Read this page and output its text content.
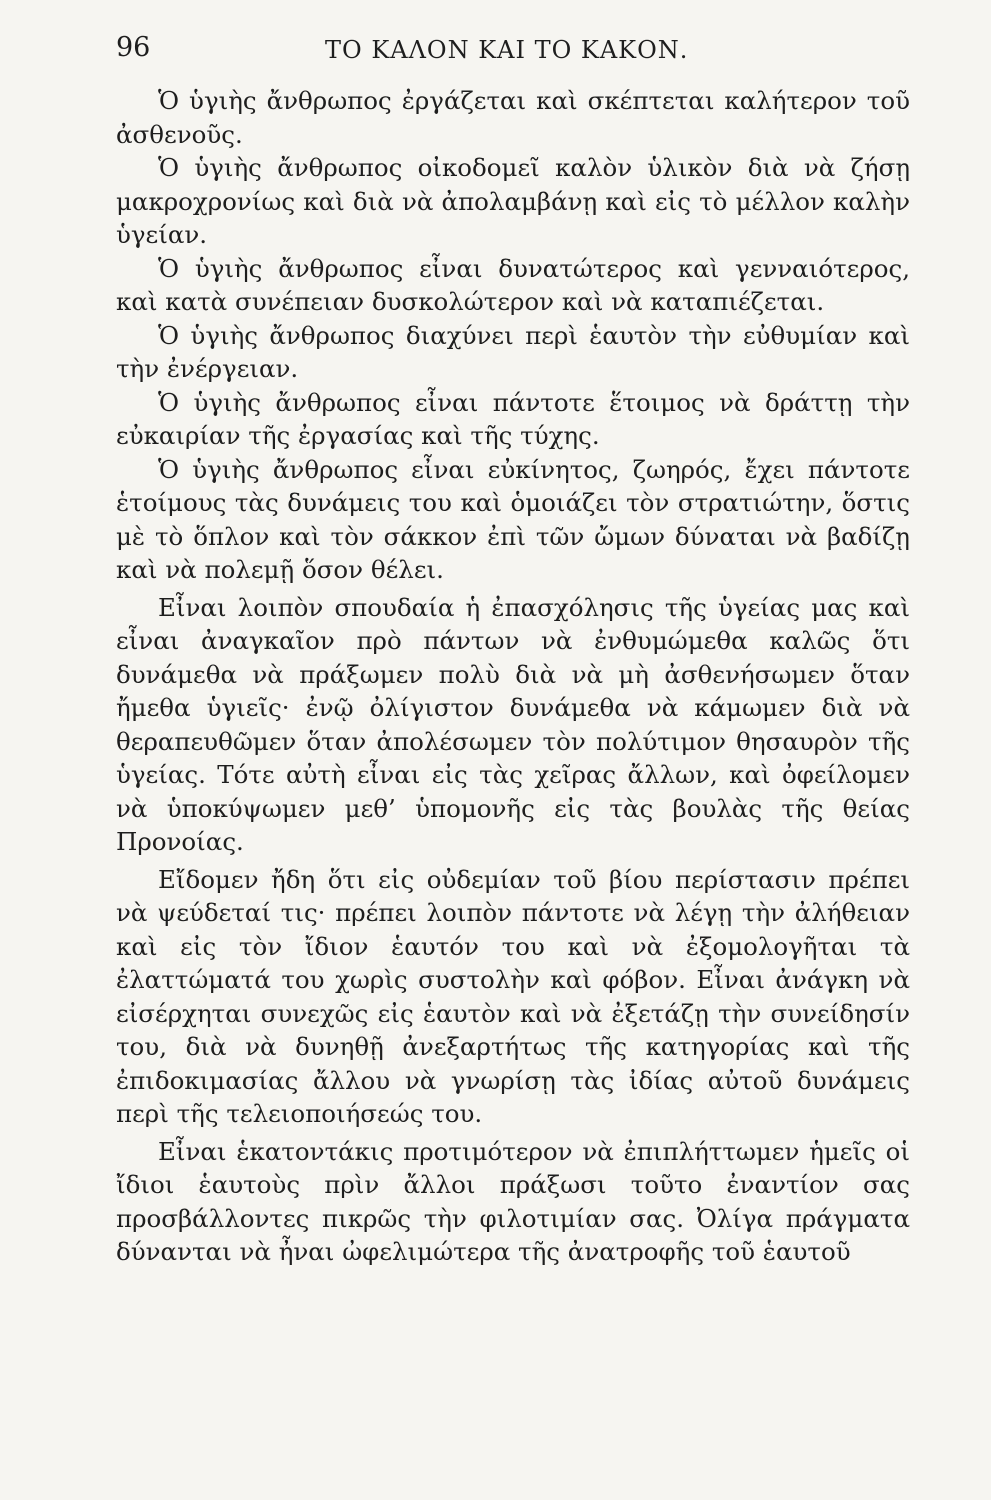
96	ΤΟ ΚΑΛΟΝ ΚΑΙ ΤΟ ΚΑΚΟΝ.

Ὁ ὑγιὴς ἄνθρωπος ἐργάζεται καὶ σκέπτεται καλήτερον τοῦ ἀσθενοῦς.

Ὁ ὑγιὴς ἄνθρωπος οἰκοδομεῖ καλὸν ὑλικὸν διὰ νὰ ζήσῃ μακροχρονίως καὶ διὰ νὰ ἀπολαμβάνῃ καὶ εἰς τὸ μέλλον καλὴν ὑγείαν.

Ὁ ὑγιὴς ἄνθρωπος εἶναι δυνατώτερος καὶ γενναιότερος, καὶ κατὰ συνέπειαν δυσκολώτερον καὶ νὰ καταπιέζεται.

Ὁ ὑγιὴς ἄνθρωπος διαχύνει περὶ ἑαυτὸν τὴν εὐθυμίαν καὶ τὴν ἐνέργειαν.

Ὁ ὑγιὴς ἄνθρωπος εἶναι πάντοτε ἕτοιμος νὰ δράττῃ τὴν εὐκαιρίαν τῆς ἐργασίας καὶ τῆς τύχης.

Ὁ ὑγιὴς ἄνθρωπος εἶναι εὐκίνητος, ζωηρός, ἔχει πάντοτε ἑτοίμους τὰς δυνάμεις του καὶ ὁμοιάζει τὸν στρατιώτην, ὅστις μὲ τὸ ὅπλον καὶ τὸν σάκκον ἐπὶ τῶν ὤμων δύναται νὰ βαδίζῃ καὶ νὰ πολεμῇ ὅσον θέλει.

Εἶναι λοιπὸν σπουδαία ἡ ἐπασχόλησις τῆς ὑγείας μας καὶ εἶναι ἀναγκαῖον πρὸ πάντων νὰ ἐνθυμώμεθα καλῶς ὅτι δυνάμεθα νὰ πράξωμεν πολὺ διὰ νὰ μὴ ἀσθενήσωμεν ὅταν ἤμεθα ὑγιεῖς· ἐνῷ ὀλίγιστον δυνάμεθα νὰ κάμωμεν διὰ νὰ θεραπευθῶμεν ὅταν ἀπολέσωμεν τὸν πολύτιμον θησαυρὸν τῆς ὑγείας. Τότε αὐτὴ εἶναι εἰς τὰς χεῖρας ἄλλων, καὶ ὀφείλομεν νὰ ὑποκύψωμεν μεθ’ ὑπομονῆς εἰς τὰς βουλὰς τῆς θείας Προνοίας.

Εἴδομεν ἤδη ὅτι εἰς οὐδεμίαν τοῦ βίου περίστασιν πρέπει νὰ ψεύδεταί τις· πρέπει λοιπὸν πάντοτε νὰ λέγῃ τὴν ἀλήθειαν καὶ εἰς τὸν ἴδιον ἑαυτόν του καὶ νὰ ἐξομολογῆται τὰ ἐλαττώματά του χωρὶς συστολὴν καὶ φόβον. Εἶναι ἀνάγκη νὰ εἰσέρχηται συνεχῶς εἰς ἑαυτὸν καὶ νὰ ἐξετάζῃ τὴν συνείδησίν του, διὰ νὰ δυνηθῇ ἀνεξαρτήτως τῆς κατηγορίας καὶ τῆς ἐπιδοκιμασίας ἄλλου νὰ γνωρίσῃ τὰς ἰδίας αὐτοῦ δυνάμεις περὶ τῆς τελειοποιήσεώς του.

Εἶναι ἑκατοντάκις προτιμότερον νὰ ἐπιπλήττωμεν ἡμεῖς οἱ ἴδιοι ἑαυτοὺς πρὶν ἄλλοι πράξωσι τοῦτο ἐναντίον σας προσβάλλοντες πικρῶς τὴν φιλοτιμίαν σας. Ὀλίγα πράγματα δύνανται νὰ ἦναι ὠφελιμώτερα τῆς ἀνατροφῆς τοῦ ἑαυτοῦ
